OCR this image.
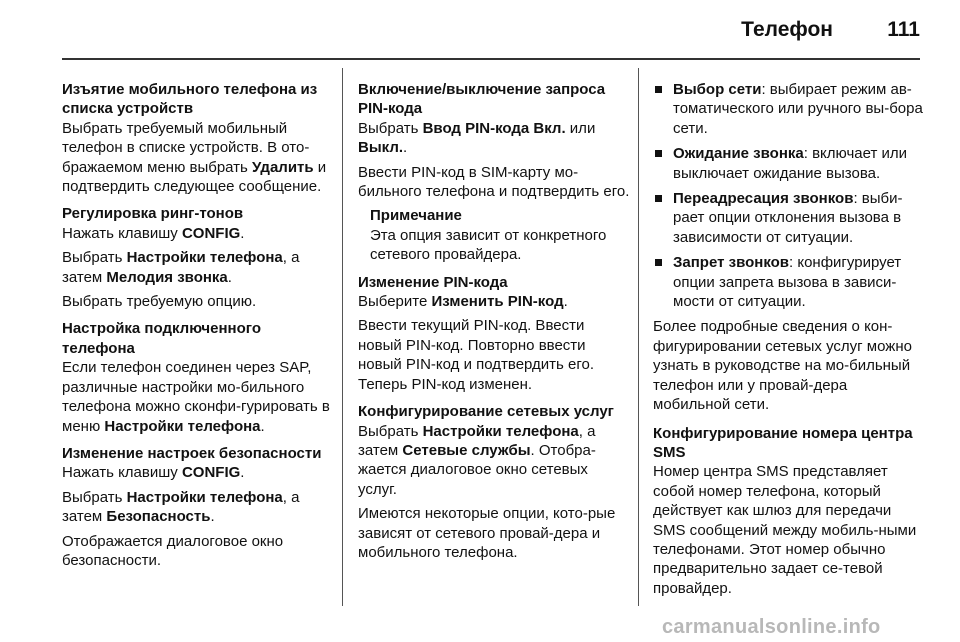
Телефон	111
Изъятие мобильного телефона из списка устройств
Выбрать требуемый мобильный телефон в списке устройств. В ото-бражаемом меню выбрать Удалить и подтвердить следующее сообщение.
Регулировка ринг-тонов
Нажать клавишу CONFIG.
Выбрать Настройки телефона, а затем Мелодия звонка.
Выбрать требуемую опцию.
Настройка подключенного телефона
Если телефон соединен через SAP, различные настройки мо-бильного телефона можно сконфи-гурировать в меню Настройки телефона.
Изменение настроек безопасности
Нажать клавишу CONFIG.
Выбрать Настройки телефона, а затем Безопасность.
Отображается диалоговое окно безопасности.
Включение/выключение запроса PIN-кода
Выбрать Ввод PIN-кода Вкл. или Выкл..
Ввести PIN-код в SIM-карту мо-бильного телефона и подтвердить его.
Примечание
Эта опция зависит от конкретного сетевого провайдера.
Изменение PIN-кода
Выберите Изменить PIN-код.
Ввести текущий PIN-код. Ввести новый PIN-код. Повторно ввести новый PIN-код и подтвердить его. Теперь PIN-код изменен.
Конфигурирование сетевых услуг
Выбрать Настройки телефона, а затем Сетевые службы. Отобра-жается диалоговое окно сетевых услуг.
Имеются некоторые опции, кото-рые зависят от сетевого провай-дера и мобильного телефона.
Выбор сети: выбирает режим ав-томатического или ручного вы-бора сети.
Ожидание звонка: включает или выключает ожидание вызова.
Переадресация звонков: выби-рает опции отклонения вызова в зависимости от ситуации.
Запрет звонков: конфигурирует опции запрета вызова в зависи-мости от ситуации.
Более подробные сведения о кон-фигурировании сетевых услуг можно узнать в руководстве на мо-бильный телефон или у провай-дера мобильной сети.
Конфигурирование номера центра SMS
Номер центра SMS представляет собой номер телефона, который действует как шлюз для передачи SMS сообщений между мобиль-ными телефонами. Этот номер обычно предварительно задает се-тевой провайдер.
carmanualsonline.info
